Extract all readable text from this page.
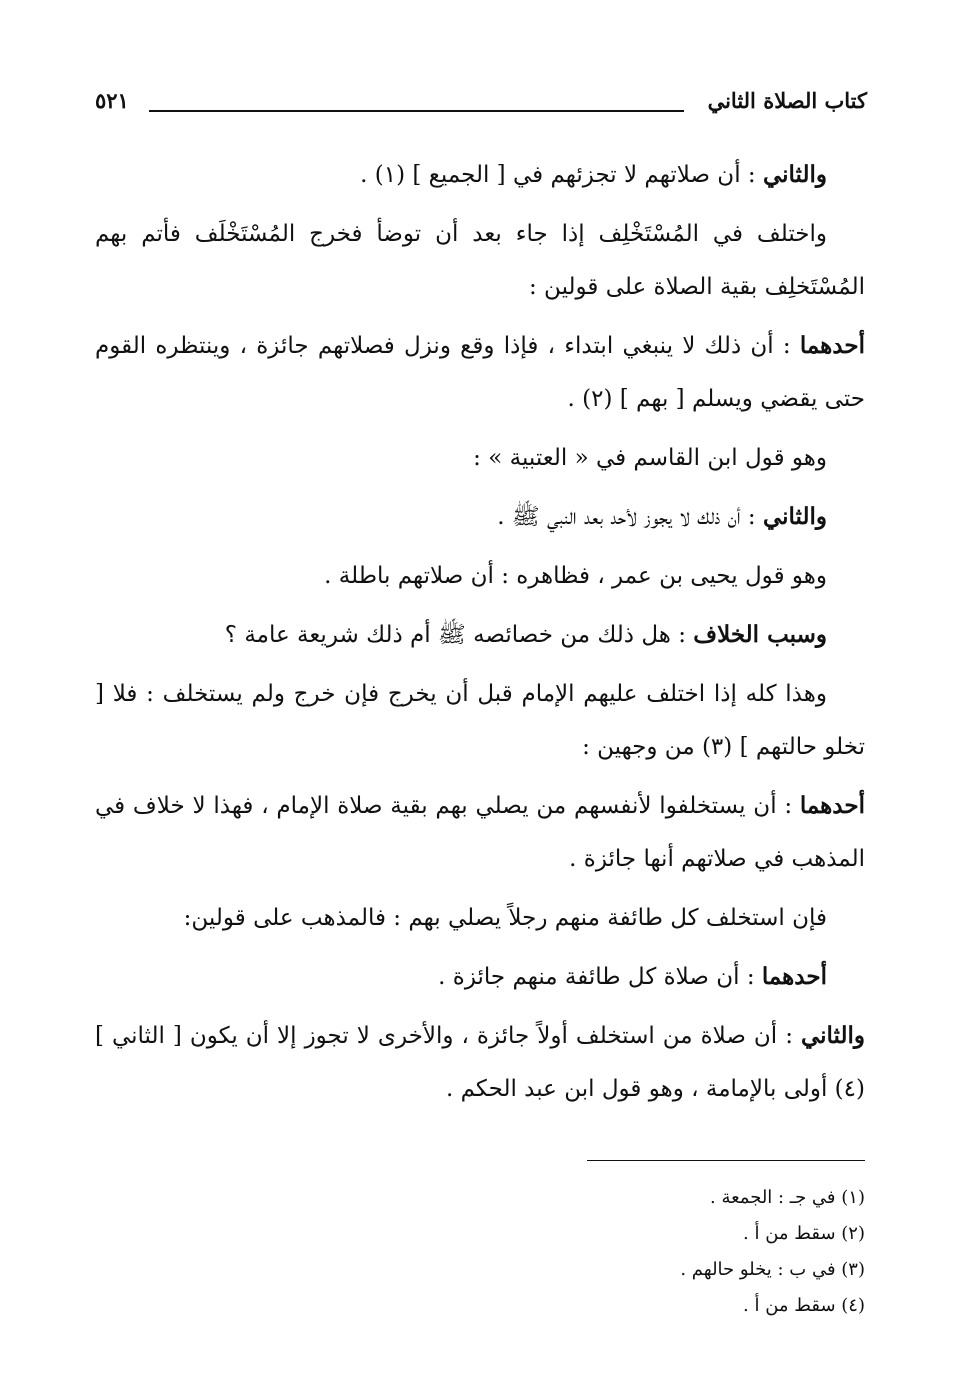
كتاب الصلاة الثاني
٥٢١

والثاني : أن صلاتهم لا تجزئهم في [ الجميع ] (١) .

واختلف في المُسْتَخْلِف إذا جاء بعد أن توضأ فخرج المُسْتَخْلَف فأتم بهم المُسْتَخلِف بقية الصلاة على قولين :

أحدهما : أن ذلك لا ينبغي ابتداء ، فإذا وقع ونزل فصلاتهم جائزة ، وينتظره القوم حتى يقضي ويسلم [ بهم ] (٢) .

وهو قول ابن القاسم في « العتبية » :

والثاني : أن ذلك لا يجوز لأحد بعد النبي ﷺ .

وهو قول يحيى بن عمر ، فظاهره : أن صلاتهم باطلة .

وسبب الخلاف : هل ذلك من خصائصه ﷺ أم ذلك شريعة عامة ؟

وهذا كله إذا اختلف عليهم الإمام قبل أن يخرج فإن خرج ولم يستخلف : فلا [ تخلو حالتهم ] (٣) من وجهين :

أحدهما : أن يستخلفوا لأنفسهم من يصلي بهم بقية صلاة الإمام ، فهذا لا خلاف في المذهب في صلاتهم أنها جائزة .

فإن استخلف كل طائفة منهم رجلاً يصلي بهم : فالمذهب على قولين:

أحدهما : أن صلاة كل طائفة منهم جائزة .

والثاني : أن صلاة من استخلف أولاً جائزة ، والأخرى لا تجوز إلا أن يكون [ الثاني ] (٤) أولى بالإمامة ، وهو قول ابن عبد الحكم .

(١) في جـ : الجمعة .
(٢) سقط من أ .
(٣) في ب : يخلو حالهم .
(٤) سقط من أ .
